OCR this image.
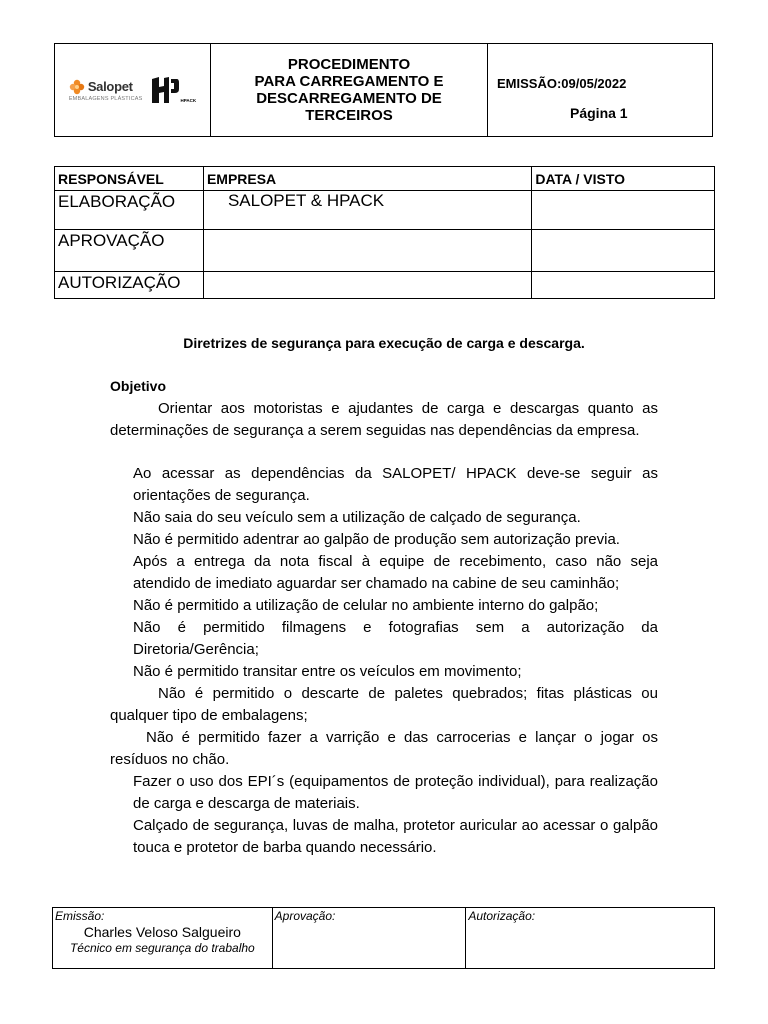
Salopet
EMBALAGENS PLÁSTICAS	HPACK
PROCEDIMENTO
PARA CARREGAMENTO E
DESCARREGAMENTO DE
TERCEIROS
EMISSÃO:09/05/2022
Página 1
RESPONSÁVEL	EMPRESA	DATA / VISTO
ELABORAÇÃO	SALOPET & HPACK	
APROVAÇÃO		
AUTORIZAÇÃO		
Diretrizes de segurança para execução de carga e descarga.
Objetivo
Orientar aos motoristas e ajudantes de carga e descargas quanto as determinações de segurança a serem seguidas nas dependências da empresa.
Ao acessar as dependências da SALOPET/ HPACK deve-se seguir as orientações de segurança.
Não saia do seu veículo sem a utilização de calçado de segurança.
Não é permitido adentrar ao galpão de produção sem autorização previa.
Após a entrega da nota fiscal à equipe de recebimento, caso não seja atendido de imediato aguardar ser chamado na cabine de seu caminhão;
Não é permitido a utilização de celular no ambiente interno do galpão;
Não é permitido filmagens e fotografias sem a autorização da Diretoria/Gerência;
Não é permitido transitar entre os veículos em movimento;
Não é permitido o descarte de paletes quebrados; fitas plásticas ou qualquer tipo de embalagens;
Não é permitido fazer a varrição e das carrocerias e lançar o jogar os resíduos no chão.
Fazer o uso dos EPI´s (equipamentos de proteção individual), para realização de carga e descarga de materiais.
Calçado de segurança, luvas de malha, protetor auricular ao acessar o galpão touca e protetor de barba quando necessário.
Emissão:
Charles Veloso Salgueiro
Técnico em segurança do trabalho

Aprovação:	Autorização:
